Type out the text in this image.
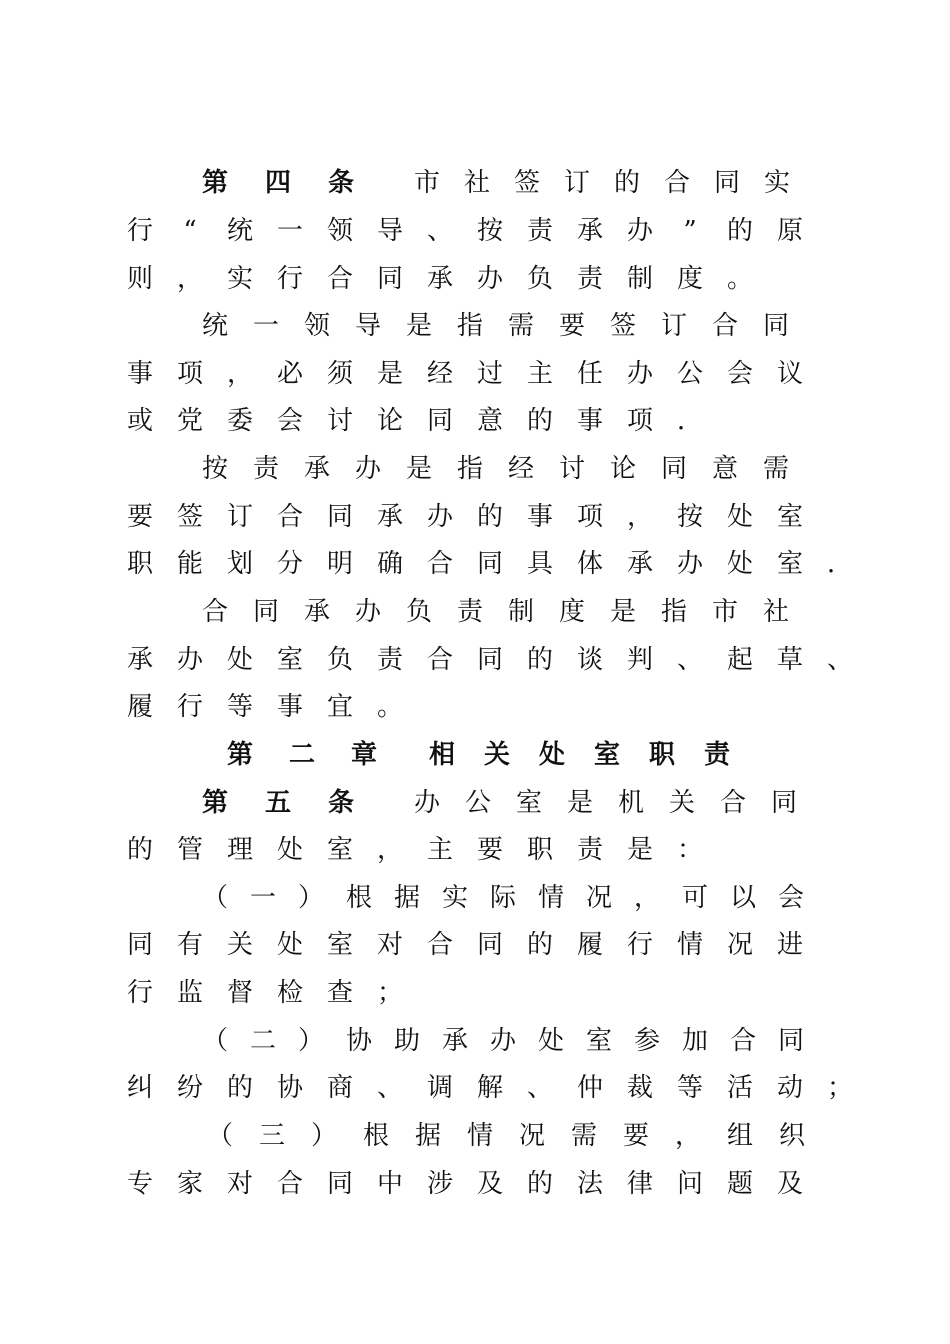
第 四 条 市 社 签 订 的 合 同 实
行	“	统 一 领 导 、 按 责 承 办	”	的 原
则 ， 实 行 合 同 承 办 负 责 制 度 。
统 一 领 导 是 指 需 要 签 订 合 同
事 项 ， 必 须 是 经 过 主 任 办 公 会 议
或 党 委 会 讨 论 同 意 的 事 项 ．
按 责 承 办 是 指 经 讨 论 同 意 需
要 签 订 合 同 承 办 的 事 项 ， 按 处 室
职 能 划 分 明 确 合 同 具 体 承 办 处 室 ．
合 同 承 办 负 责 制 度 是 指 市 社
承 办 处 室 负 责 合 同 的 谈 判 、 起 草 、
履 行 等 事 宜 。
第 二 章 相 关 处 室 职 责
第 五 条 办 公 室 是 机 关 合 同
的 管 理 处 室 ， 主 要 职 责 是 ：
（ 一 ） 根 据 实 际 情 况 ， 可 以 会
同 有 关 处 室 对 合 同 的 履 行 情 况 进
行 监 督 检 查 ；
（ 二 ） 协 助 承 办 处 室 参 加 合 同
纠 纷 的 协 商 、 调 解 、 仲 裁 等 活 动 ；
（ 三 ） 根 据 情 况 需 要 ， 组 织
专 家 对 合 同 中 涉 及 的 法 律 问 题 及
